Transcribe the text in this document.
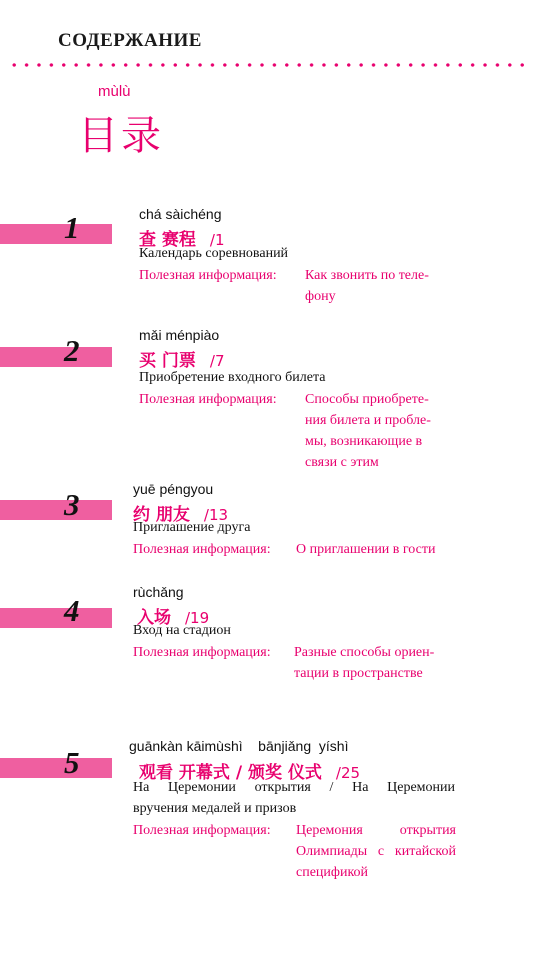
СОДЕРЖАНИЕ
mùlù
目录
1	chá sàichéng
查 赛程 /1
Календарь соревнований
Полезная информация: Как звонить по теле-
фону
2	mǎi ménpiào
买 门票 /7
Приобретение входного билета
Полезная информация: Способы приобрете-
ния билета и пробле-
мы, возникающие в
связи с этим
3	yuē péngyou
约 朋友 /13
Приглашение друга
Полезная информация: О приглашении в гости
4
rùchǎng
入场 /19
Вход на стадион
Полезная информация: Разные способы ориен-
тации в пространстве
5	guānkàn kāimùshì    bānjiǎng  yíshì
观看 开幕式 / 颁奖 仪式 /25
На Церемонии открытия / На Церемонии
вручения медалей и призов
Полезная информация: Церемония открытия
Олимпиады с китайской
спецификой
